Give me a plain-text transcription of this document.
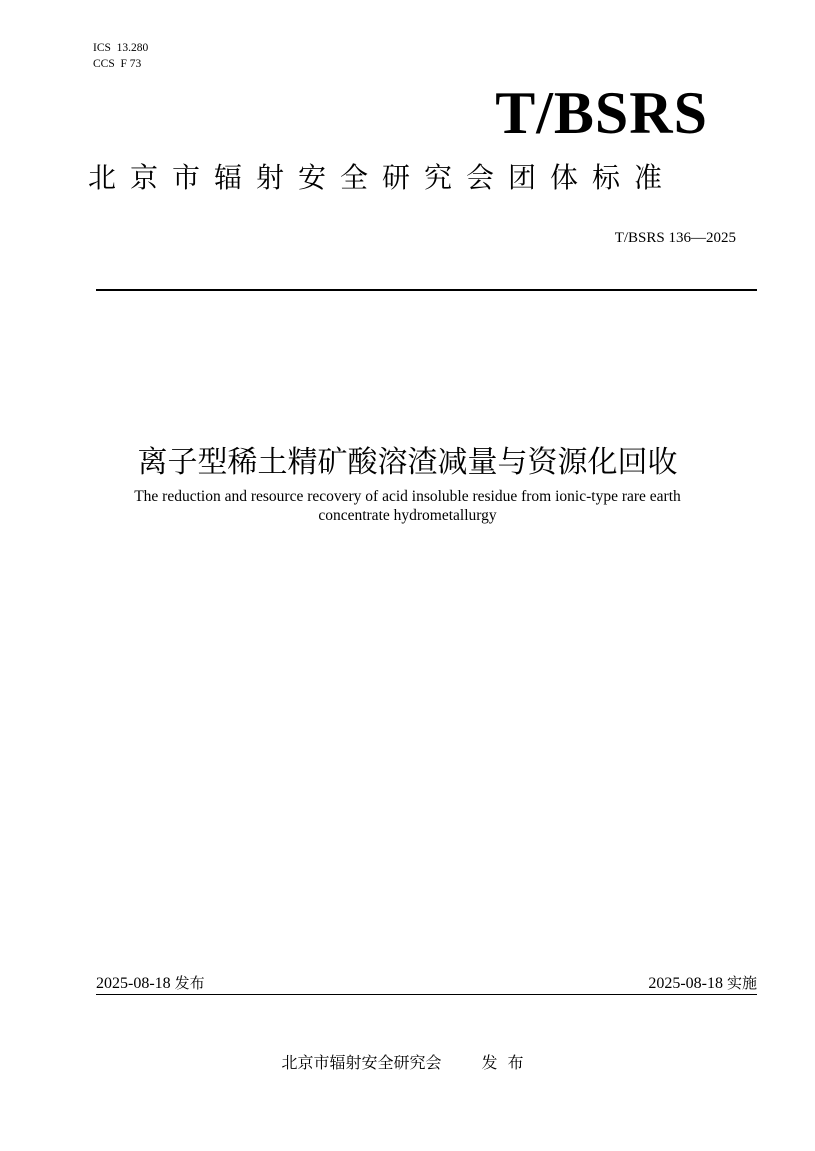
ICS  13.280
CCS  F 73
T/BSRS
北京市辐射安全研究会团体标准
T/BSRS 136—2025
离子型稀土精矿酸溶渣减量与资源化回收
The reduction and resource recovery of acid insoluble residue from ionic-type rare earth concentrate hydrometallurgy
2025-08-18 发布	2025-08-18 实施
北京市辐射安全研究会	发布
